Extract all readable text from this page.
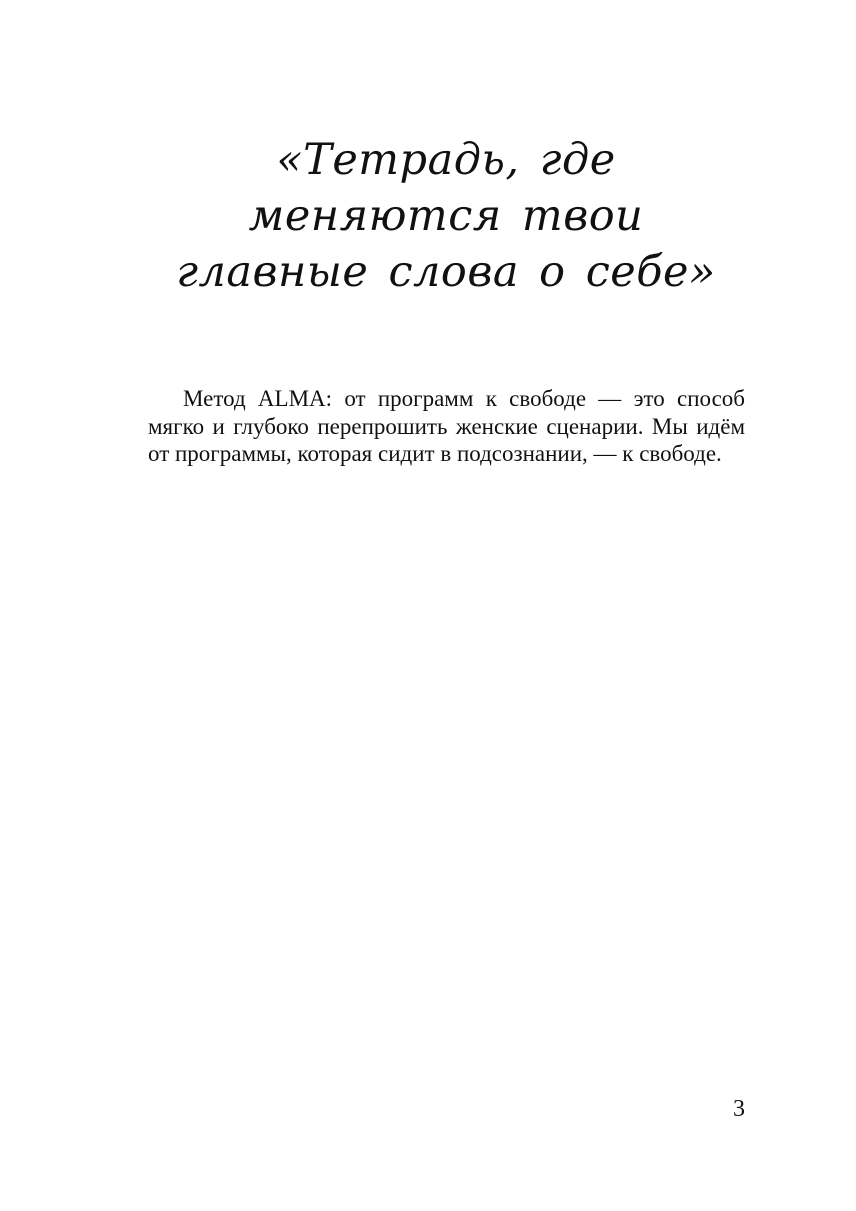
«Тетрадь, где
меняются твои
главные слова о себе»

Метод ALMA: от программ к свободе — это способ мягко и глубоко перепрошить женские сценарии. Мы идём от программы, которая сидит в подсознании, — к свободе.

3
